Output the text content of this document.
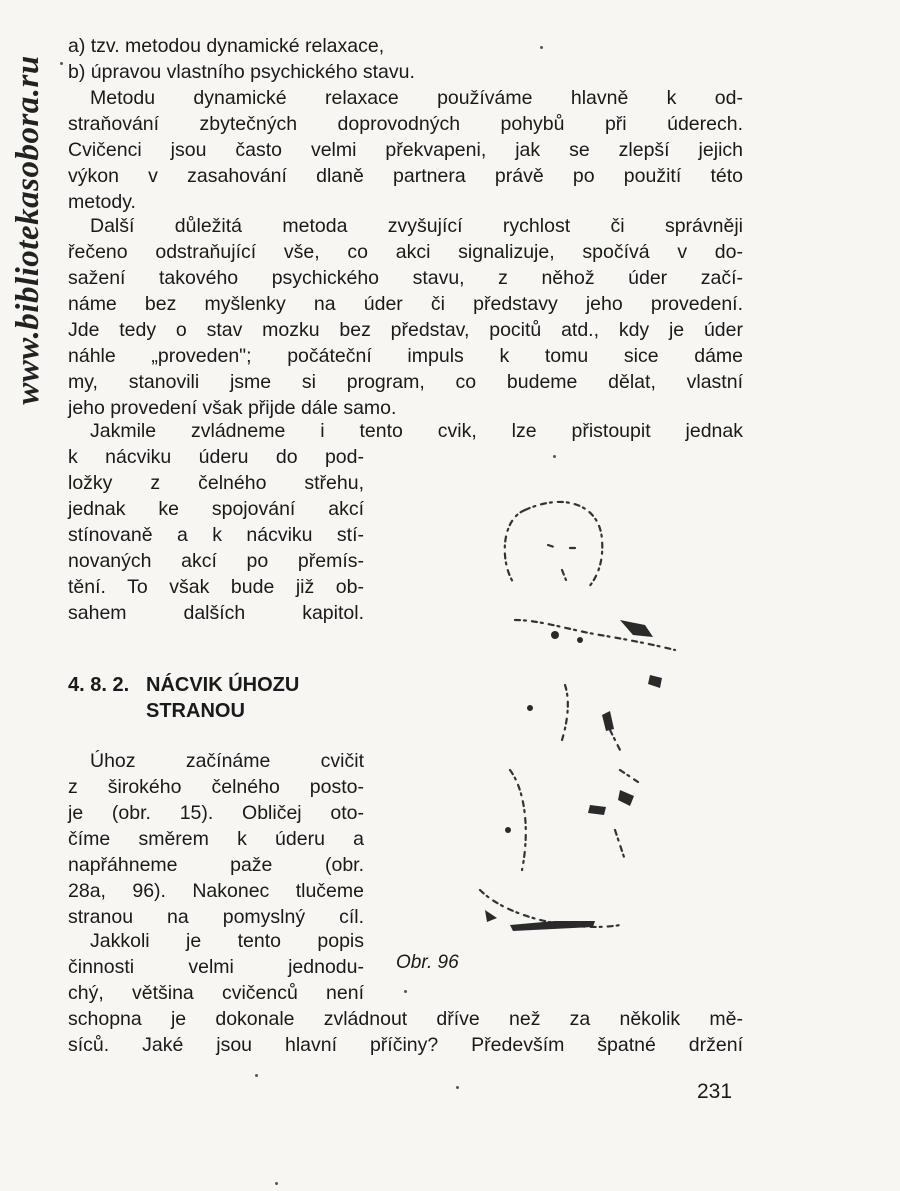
www.bibliotekasobora.ru

a) tzv. metodou dynamické relaxace,

b) úpravou vlastního psychického stavu.

Metodu dynamické relaxace používáme hlavně k od-

straňování zbytečných doprovodných pohybů při úderech.

Cvičenci jsou často velmi překvapeni, jak se zlepší jejich

výkon v zasahování dlaně partnera právě po použití této

metody.

Další důležitá metoda zvyšující rychlost či správněji

řečeno odstraňující vše, co akci signalizuje, spočívá v do-

sažení takového psychického stavu, z něhož úder začí-

náme bez myšlenky na úder či představy jeho provedení.

Jde tedy o stav mozku bez představ, pocitů atd., kdy je úder

náhle „proveden"; počáteční impuls k tomu sice dáme

my, stanovili jsme si program, co budeme dělat, vlastní

jeho provedení však přijde dále samo.

Jakmile zvládneme i tento cvik, lze přistoupit jednak

k nácviku úderu do pod-

ložky z čelného střehu,

jednak ke spojování akcí

stínovaně a k nácviku stí-

novaných akcí po přemís-

tění. To však bude již ob-

sahem dalších kapitol.

4. 8. 2. NÁCVIK ÚHOZU
STRANOU

Úhoz začínáme cvičit

z širokého čelného posto-

je (obr. 15). Obličej oto-

číme směrem k úderu a

napřáhneme paže (obr.

28a, 96). Nakonec tlučeme

stranou na pomyslný cíl.

Jakkoli je tento popis

činnosti velmi jednodu-

chý, většina cvičenců není

schopna je dokonale zvládnout dříve než za několik mě-

síců. Jaké jsou hlavní příčiny? Především špatné držení

Obr. 96

231
